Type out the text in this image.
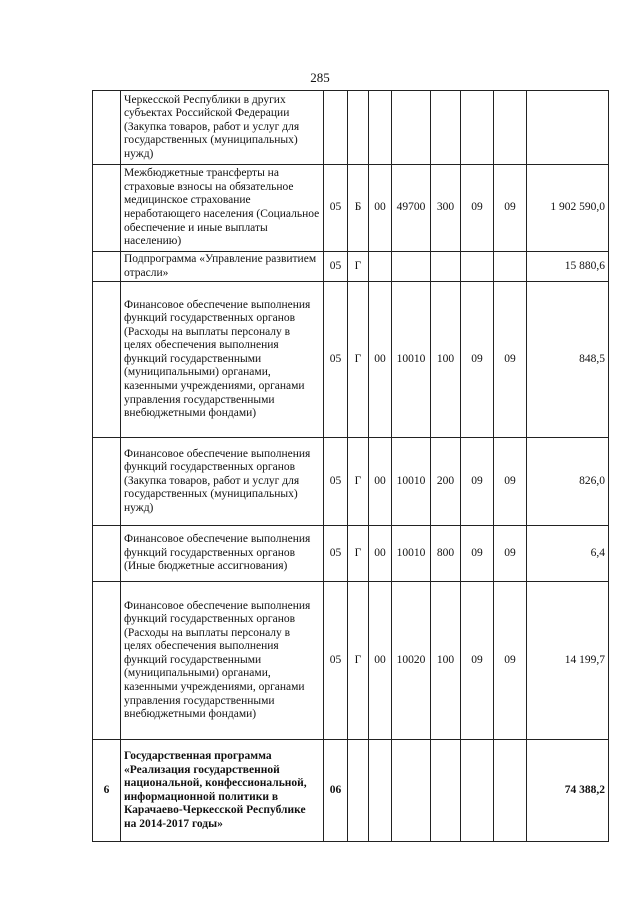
285
	Черкесской Республики в других субъектах Российской Федерации (Закупка товаров, работ и услуг для государственных (муниципальных) нужд)								
	Межбюджетные трансферты на страховые взносы на обязательное медицинское страхование неработающего населения (Социальное обеспечение и иные выплаты населению)	05	Б	00	49700	300	09	09	1 902 590,0
	Подпрограмма «Управление развитием отрасли»	05	Г						15 880,6
	Финансовое обеспечение выполнения функций государственных органов (Расходы на выплаты персоналу в целях обеспечения выполнения функций государственными (муниципальными) органами, казенными учреждениями, органами управления государственными внебюджетными фондами)	05	Г	00	10010	100	09	09	848,5
	Финансовое обеспечение выполнения функций государственных органов (Закупка товаров, работ и услуг для государственных (муниципальных) нужд)	05	Г	00	10010	200	09	09	826,0
	Финансовое обеспечение выполнения функций государственных органов (Иные бюджетные ассигнования)	05	Г	00	10010	800	09	09	6,4
	Финансовое обеспечение выполнения функций государственных органов (Расходы на выплаты персоналу в целях обеспечения выполнения функций государственными (муниципальными) органами, казенными учреждениями, органами управления государственными внебюджетными фондами)	05	Г	00	10020	100	09	09	14 199,7
6	Государственная программа «Реализация государственной национальной, конфессиональной, информационной политики в Карачаево-Черкесской Республике на 2014-2017 годы»	06							74 388,2
